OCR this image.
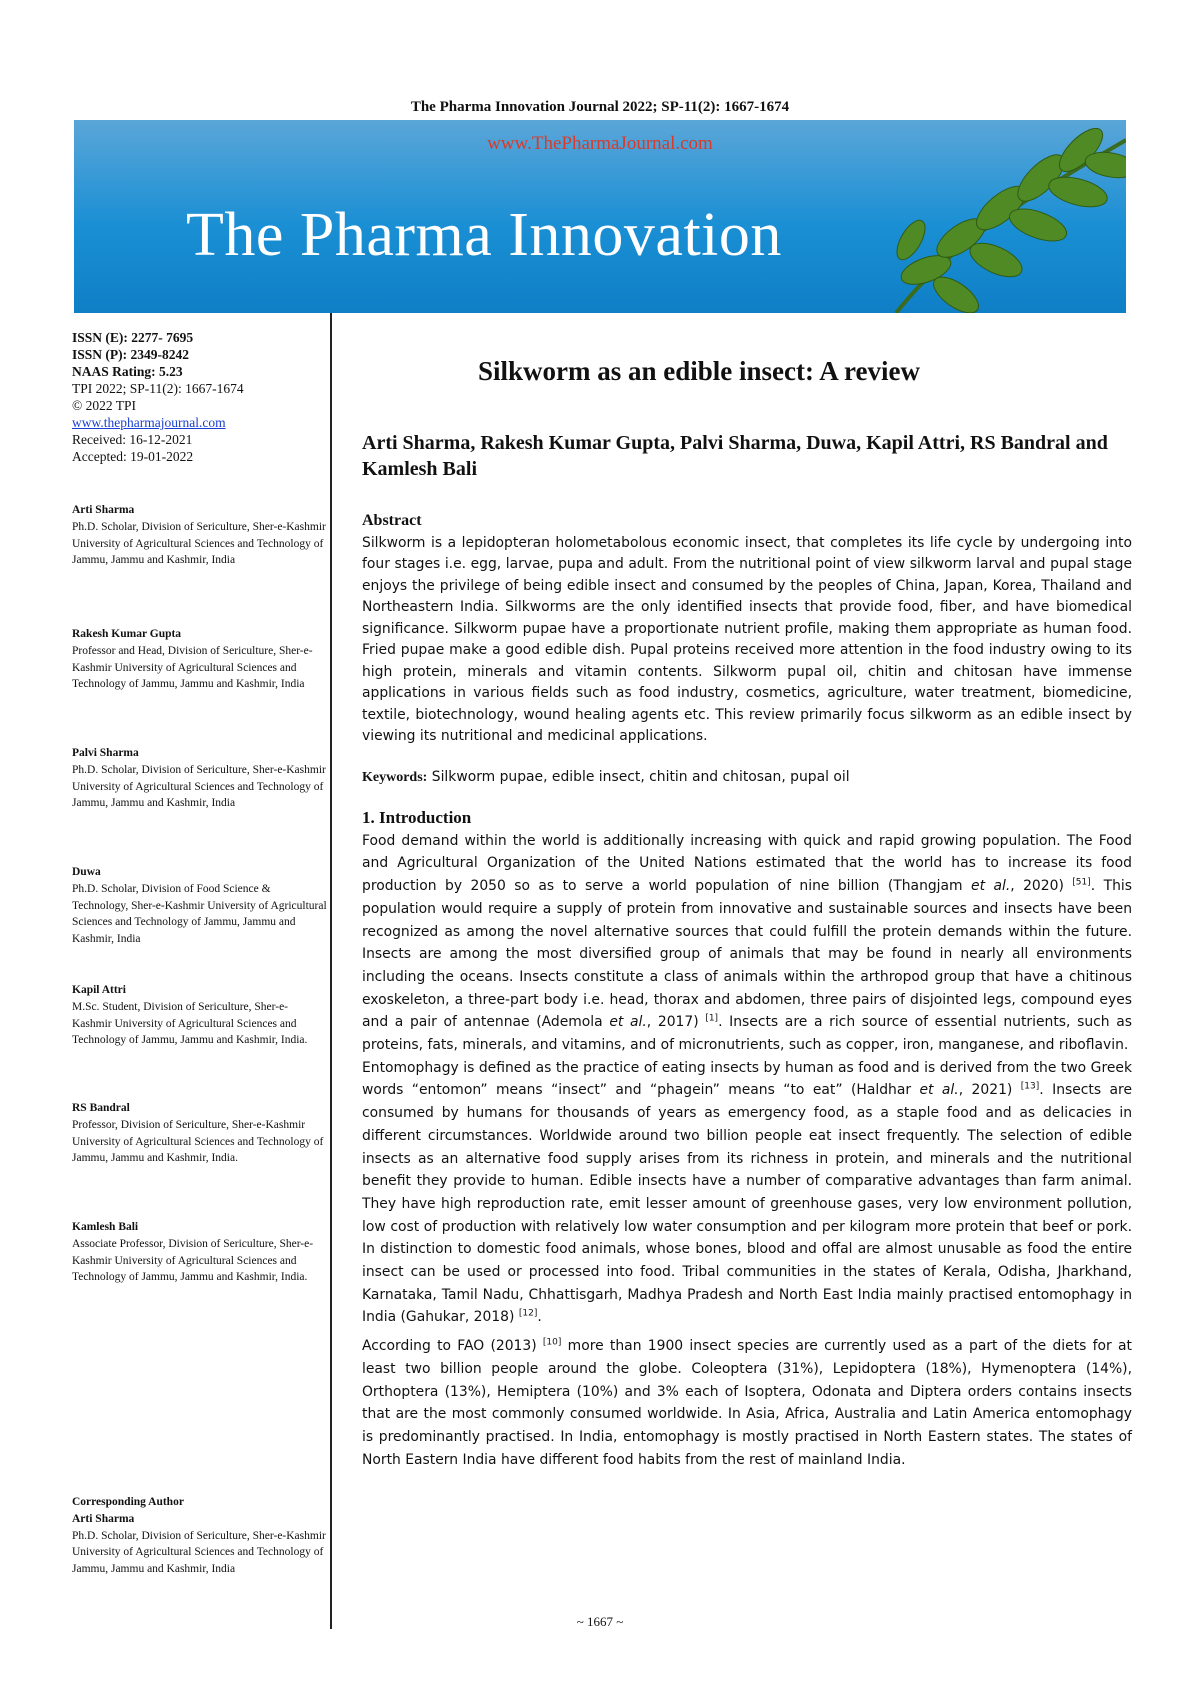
The Pharma Innovation Journal 2022; SP-11(2): 1667-1674
www.ThePharmaJournal.com
The Pharma Innovation
ISSN (E): 2277- 7695
ISSN (P): 2349-8242
NAAS Rating: 5.23
TPI 2022; SP-11(2): 1667-1674
© 2022 TPI
www.thepharmajournal.com
Received: 16-12-2021
Accepted: 19-01-2022
Arti Sharma
Ph.D. Scholar, Division of Sericulture, Sher-e-Kashmir University of Agricultural Sciences and Technology of Jammu, Jammu and Kashmir, India
Rakesh Kumar Gupta
Professor and Head, Division of Sericulture, Sher-e-Kashmir University of Agricultural Sciences and Technology of Jammu, Jammu and Kashmir, India
Palvi Sharma
Ph.D. Scholar, Division of Sericulture, Sher-e-Kashmir University of Agricultural Sciences and Technology of Jammu, Jammu and Kashmir, India
Duwa
Ph.D. Scholar, Division of Food Science & Technology, Sher-e-Kashmir University of Agricultural Sciences and Technology of Jammu, Jammu and Kashmir, India
Kapil Attri
M.Sc. Student, Division of Sericulture, Sher-e-Kashmir University of Agricultural Sciences and Technology of Jammu, Jammu and Kashmir, India.
RS Bandral
Professor, Division of Sericulture, Sher-e-Kashmir University of Agricultural Sciences and Technology of Jammu, Jammu and Kashmir, India.
Kamlesh Bali
Associate Professor, Division of Sericulture, Sher-e-Kashmir University of Agricultural Sciences and Technology of Jammu, Jammu and Kashmir, India.
Corresponding Author
Arti Sharma
Ph.D. Scholar, Division of Sericulture, Sher-e-Kashmir University of Agricultural Sciences and Technology of Jammu, Jammu and Kashmir, India
Silkworm as an edible insect: A review
Arti Sharma, Rakesh Kumar Gupta, Palvi Sharma, Duwa, Kapil Attri, RS Bandral and Kamlesh Bali
Abstract

Silkworm is a lepidopteran holometabolous economic insect, that completes its life cycle by undergoing into four stages i.e. egg, larvae, pupa and adult. From the nutritional point of view silkworm larval and pupal stage enjoys the privilege of being edible insect and consumed by the peoples of China, Japan, Korea, Thailand and Northeastern India. Silkworms are the only identified insects that provide food, fiber, and have biomedical significance. Silkworm pupae have a proportionate nutrient profile, making them appropriate as human food. Fried pupae make a good edible dish. Pupal proteins received more attention in the food industry owing to its high protein, minerals and vitamin contents. Silkworm pupal oil, chitin and chitosan have immense applications in various fields such as food industry, cosmetics, agriculture, water treatment, biomedicine, textile, biotechnology, wound healing agents etc. This review primarily focus silkworm as an edible insect by viewing its nutritional and medicinal applications.

Keywords: Silkworm pupae, edible insect, chitin and chitosan, pupal oil

1. Introduction

Food demand within the world is additionally increasing with quick and rapid growing population. The Food and Agricultural Organization of the United Nations estimated that the world has to increase its food production by 2050 so as to serve a world population of nine billion (Thangjam et al., 2020) [51]. This population would require a supply of protein from innovative and sustainable sources and insects have been recognized as among the novel alternative sources that could fulfill the protein demands within the future. Insects are among the most diversified group of animals that may be found in nearly all environments including the oceans. Insects constitute a class of animals within the arthropod group that have a chitinous exoskeleton, a three-part body i.e. head, thorax and abdomen, three pairs of disjointed legs, compound eyes and a pair of antennae (Ademola et al., 2017) [1]. Insects are a rich source of essential nutrients, such as proteins, fats, minerals, and vitamins, and of micronutrients, such as copper, iron, manganese, and riboflavin.

Entomophagy is defined as the practice of eating insects by human as food and is derived from the two Greek words “entomon” means “insect” and “phagein” means “to eat” (Haldhar et al., 2021) [13]. Insects are consumed by humans for thousands of years as emergency food, as a staple food and as delicacies in different circumstances. Worldwide around two billion people eat insect frequently. The selection of edible insects as an alternative food supply arises from its richness in protein, and minerals and the nutritional benefit they provide to human. Edible insects have a number of comparative advantages than farm animal. They have high reproduction rate, emit lesser amount of greenhouse gases, very low environment pollution, low cost of production with relatively low water consumption and per kilogram more protein that beef or pork. In distinction to domestic food animals, whose bones, blood and offal are almost unusable as food the entire insect can be used or processed into food. Tribal communities in the states of Kerala, Odisha, Jharkhand, Karnataka, Tamil Nadu, Chhattisgarh, Madhya Pradesh and North East India mainly practised entomophagy in India (Gahukar, 2018) [12].

According to FAO (2013) [10] more than 1900 insect species are currently used as a part of the diets for at least two billion people around the globe. Coleoptera (31%), Lepidoptera (18%), Hymenoptera (14%), Orthoptera (13%), Hemiptera (10%) and 3% each of Isoptera, Odonata and Diptera orders contains insects that are the most commonly consumed worldwide. In Asia, Africa, Australia and Latin America entomophagy is predominantly practised. In India, entomophagy is mostly practised in North Eastern states. The states of North Eastern India have different food habits from the rest of mainland India.

~ 1667 ~
